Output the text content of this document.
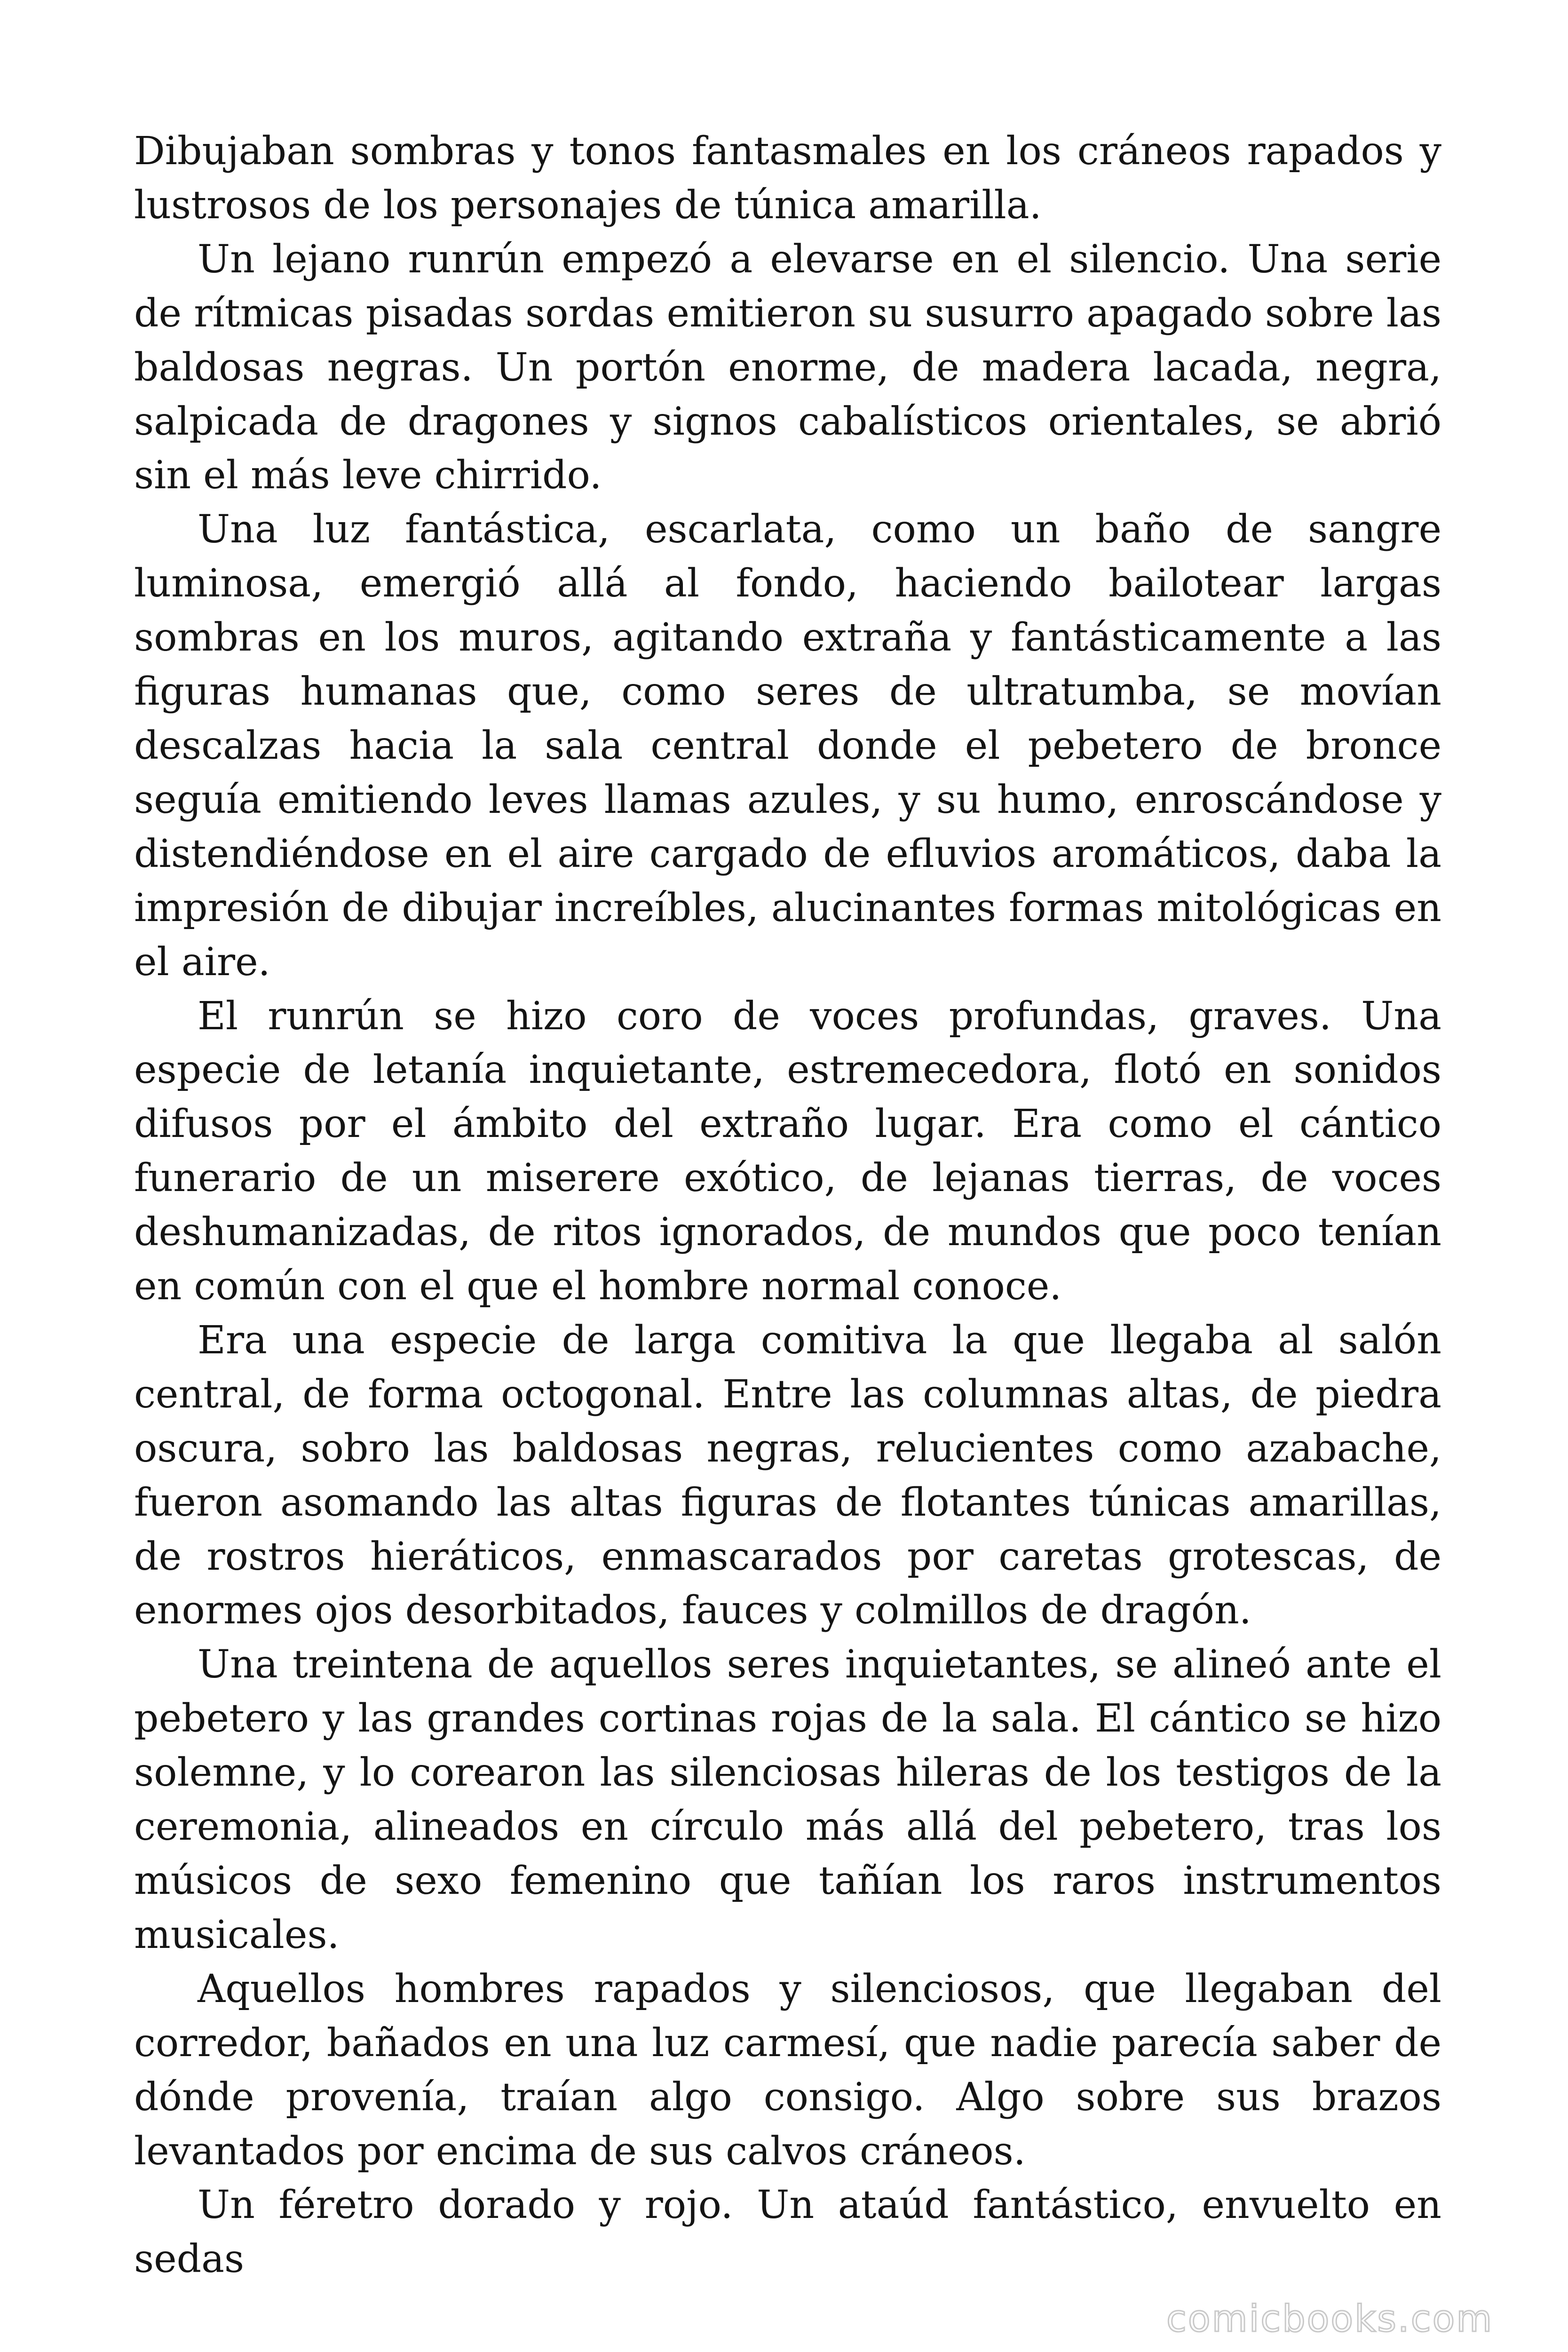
Dibujaban sombras y tonos fantasmales en los cráneos rapados y lustrosos de los personajes de túnica amarilla.

Un lejano runrún empezó a elevarse en el silencio. Una serie de rítmicas pisadas sordas emitieron su susurro apagado sobre las baldosas negras. Un portón enorme, de madera lacada, negra, salpicada de dragones y signos cabalísticos orientales, se abrió sin el más leve chirrido.

Una luz fantástica, escarlata, como un baño de sangre luminosa, emergió allá al fondo, haciendo bailotear largas sombras en los muros, agitando extraña y fantásticamente a las figuras humanas que, como seres de ultratumba, se movían descalzas hacia la sala central donde el pebetero de bronce seguía emitiendo leves llamas azules, y su humo, enroscándose y distendiéndose en el aire cargado de efluvios aromáticos, daba la impresión de dibujar increíbles, alucinantes formas mitológicas en el aire.

El runrún se hizo coro de voces profundas, graves. Una especie de letanía inquietante, estremecedora, flotó en sonidos difusos por el ámbito del extraño lugar. Era como el cántico funerario de un miserere exótico, de lejanas tierras, de voces deshumanizadas, de ritos ignorados, de mundos que poco tenían en común con el que el hombre normal conoce.

Era una especie de larga comitiva la que llegaba al salón central, de forma octogonal. Entre las columnas altas, de piedra oscura, sobro las baldosas negras, relucientes como azabache, fueron asomando las altas figuras de flotantes túnicas amarillas, de rostros hieráticos, enmascarados por caretas grotescas, de enormes ojos desorbitados, fauces y colmillos de dragón.

Una treintena de aquellos seres inquietantes, se alineó ante el pebetero y las grandes cortinas rojas de la sala. El cántico se hizo solemne, y lo corearon las silenciosas hileras de los testigos de la ceremonia, alineados en círculo más allá del pebetero, tras los músicos de sexo femenino que tañían los raros instrumentos musicales.

Aquellos hombres rapados y silenciosos, que llegaban del corredor, bañados en una luz carmesí, que nadie parecía saber de dónde provenía, traían algo consigo. Algo sobre sus brazos levantados por encima de sus calvos cráneos.

Un féretro dorado y rojo. Un ataúd fantástico, envuelto en sedas

comicbooks.com
